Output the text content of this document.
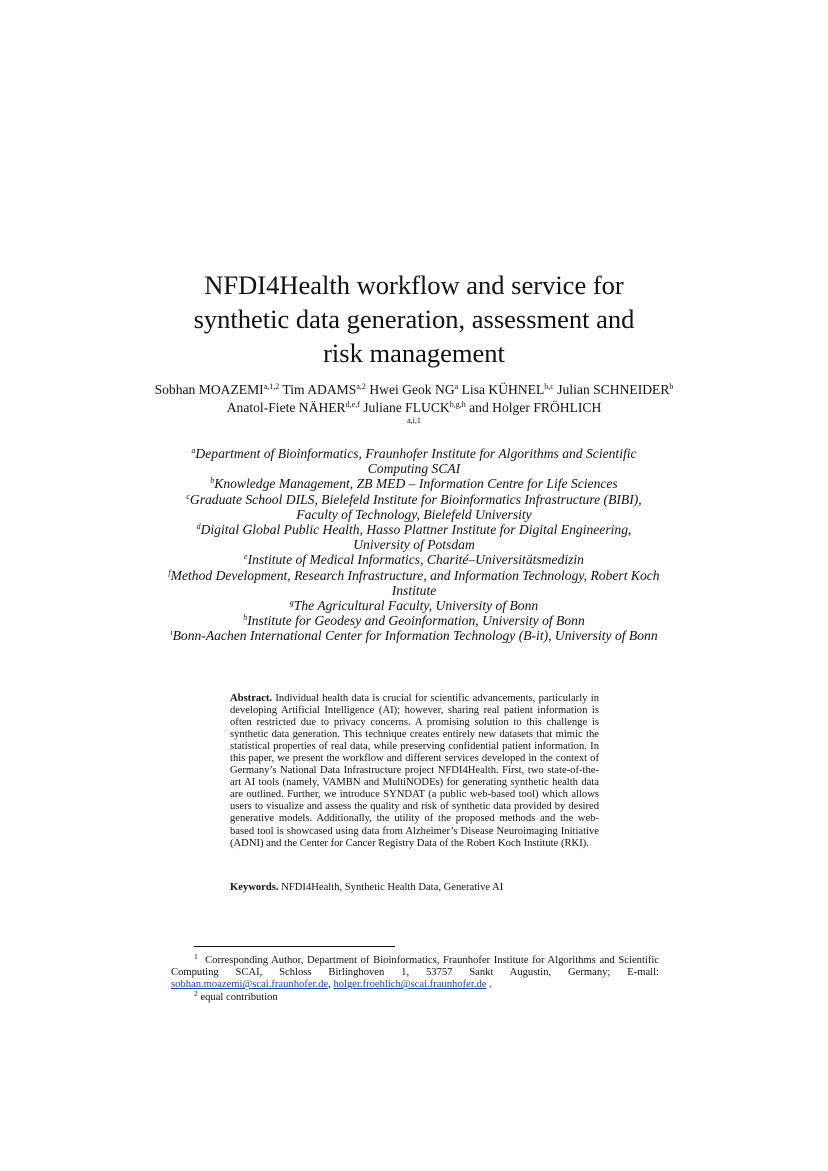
NFDI4Health workflow and service for
synthetic data generation, assessment and
risk management
Sobhan MOAZEMI$^{a,1,2}$ Tim ADAMS$^{a,2}$ Hwei Geok $NG^a$ Lisa KÜHNEL$^{b,c}$ Julian SCHNEIDER$^b$ Anatol-Fiete NÄHER$^{d,e,f}$ Juliane FLUCK$^{b,g,h}$ and Holger FRÖHLICH
a,i,1

$^a$Department of Bioinformatics, Fraunhofer Institute for Algorithms and Scientific Computing SCAI

$^b$Knowledge Management, ZB MED – Information Centre for Life Sciences

$^c$Graduate School DILS, Bielefeld Institute for Bioinformatics Infrastructure (BIBI), Faculty of Technology, Bielefeld University

$^d$Digital Global Public Health, Hasso Plattner Institute for Digital Engineering, University of Potsdam

$^e$Institute of Medical Informatics, Charité–Universitätsmedizin

$^f$Method Development, Research Infrastructure, and Information Technology, Robert Koch Institute

$^g$The Agricultural Faculty, University of Bonn

$^h$Institute for Geodesy and Geoinformation, University of Bonn

$^i$Bonn-Aachen International Center for Information Technology (B-it), University of Bonn

Abstract. Individual health data is crucial for scientific advancements, particularly in developing Artificial Intelligence (AI); however, sharing real patient information is often restricted due to privacy concerns. A promising solution to this challenge is synthetic data generation. This technique creates entirely new datasets that mimic the statistical properties of real data, while preserving confidential patient information. In this paper, we present the workflow and different services developed in the context of Germany’s National Data Infrastructure project NFDI4Health. First, two state-of-the-art AI tools (namely, VAMBN and MultiNODEs) for generating synthetic health data are outlined. Further, we introduce SYNDAT (a public web-based tool) which allows users to visualize and assess the quality and risk of synthetic data provided by desired generative models. Additionally, the utility of the proposed methods and the web-based tool is showcased using data from Alzheimer’s Disease Neuroimaging Initiative (ADNI) and the Center for Cancer Registry Data of the Robert Koch Institute (RKI).
Keywords. NFDI4Health, Synthetic Health Data, Generative AI

$^1$ Corresponding Author, Department of Bioinformatics, Fraunhofer Institute for Algorithms and Scientific Computing SCAI, Schloss Birlinghoven 1, 53757 Sankt Augustin, Germany; E-mail: sobhan.moazemi@scai.fraunhofer.de, holger.froehlich@scai.fraunhofer.de .

$^2$ equal contribution
